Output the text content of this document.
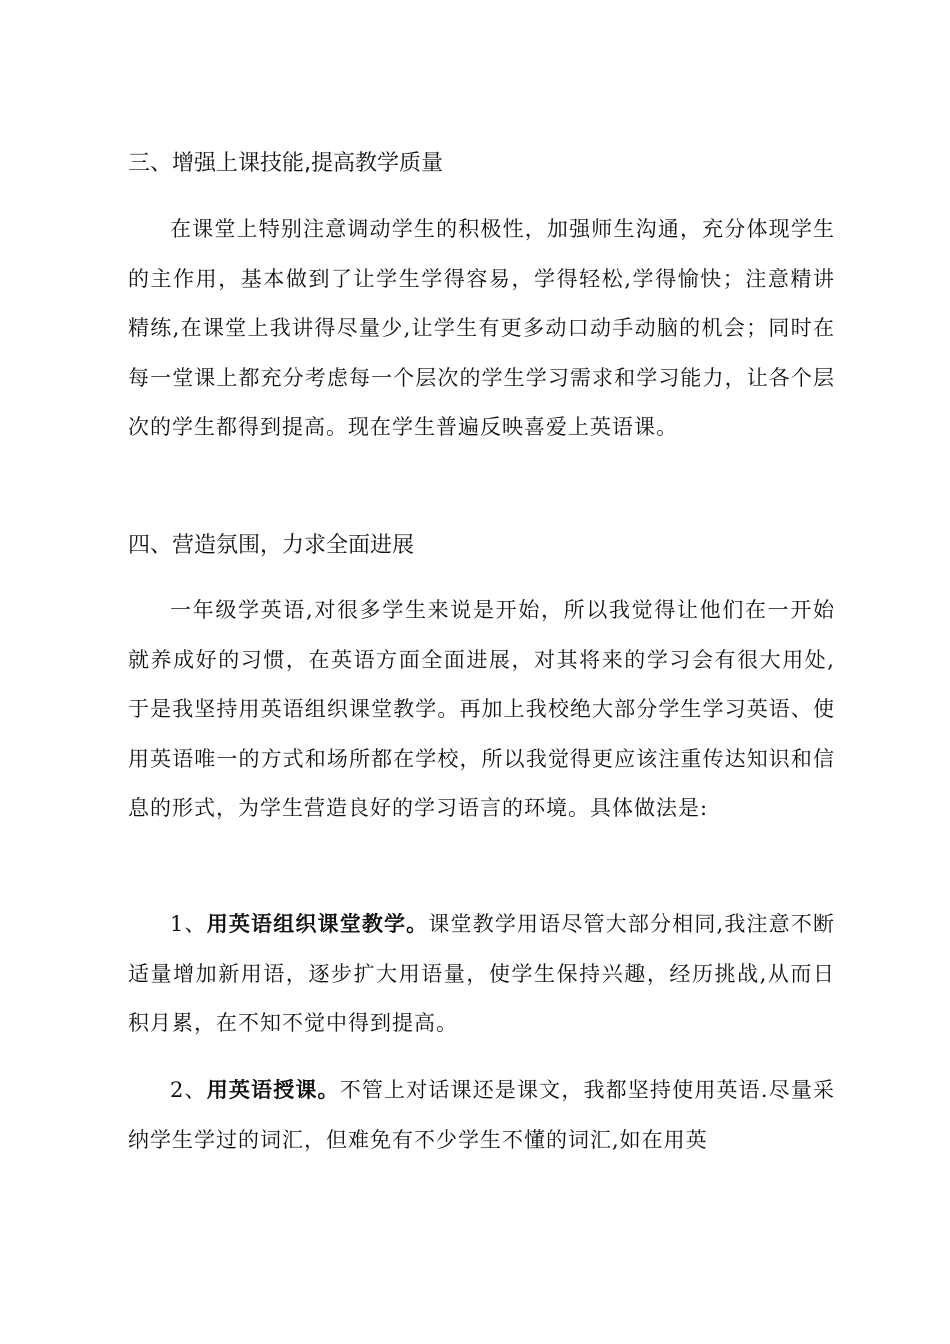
三、增强上课技能,提高教学质量
在课堂上特别注意调动学生的积极性，加强师生沟通，充分体现学生的主作用，基本做到了让学生学得容易，学得轻松,学得愉快；注意精讲精练,在课堂上我讲得尽量少,让学生有更多动口动手动脑的机会；同时在每一堂课上都充分考虑每一个层次的学生学习需求和学习能力，让各个层次的学生都得到提高。现在学生普遍反映喜爱上英语课。
四、营造氛围，力求全面进展
一年级学英语,对很多学生来说是开始，所以我觉得让他们在一开始就养成好的习惯，在英语方面全面进展，对其将来的学习会有很大用处,于是我坚持用英语组织课堂教学。再加上我校绝大部分学生学习英语、使用英语唯一的方式和场所都在学校，所以我觉得更应该注重传达知识和信息的形式，为学生营造良好的学习语言的环境。具体做法是:
1、用英语组织课堂教学。课堂教学用语尽管大部分相同,我注意不断适量增加新用语，逐步扩大用语量，使学生保持兴趣，经历挑战,从而日积月累，在不知不觉中得到提高。
2、用英语授课。不管上对话课还是课文，我都坚持使用英语.尽量采纳学生学过的词汇，但难免有不少学生不懂的词汇,如在用英
